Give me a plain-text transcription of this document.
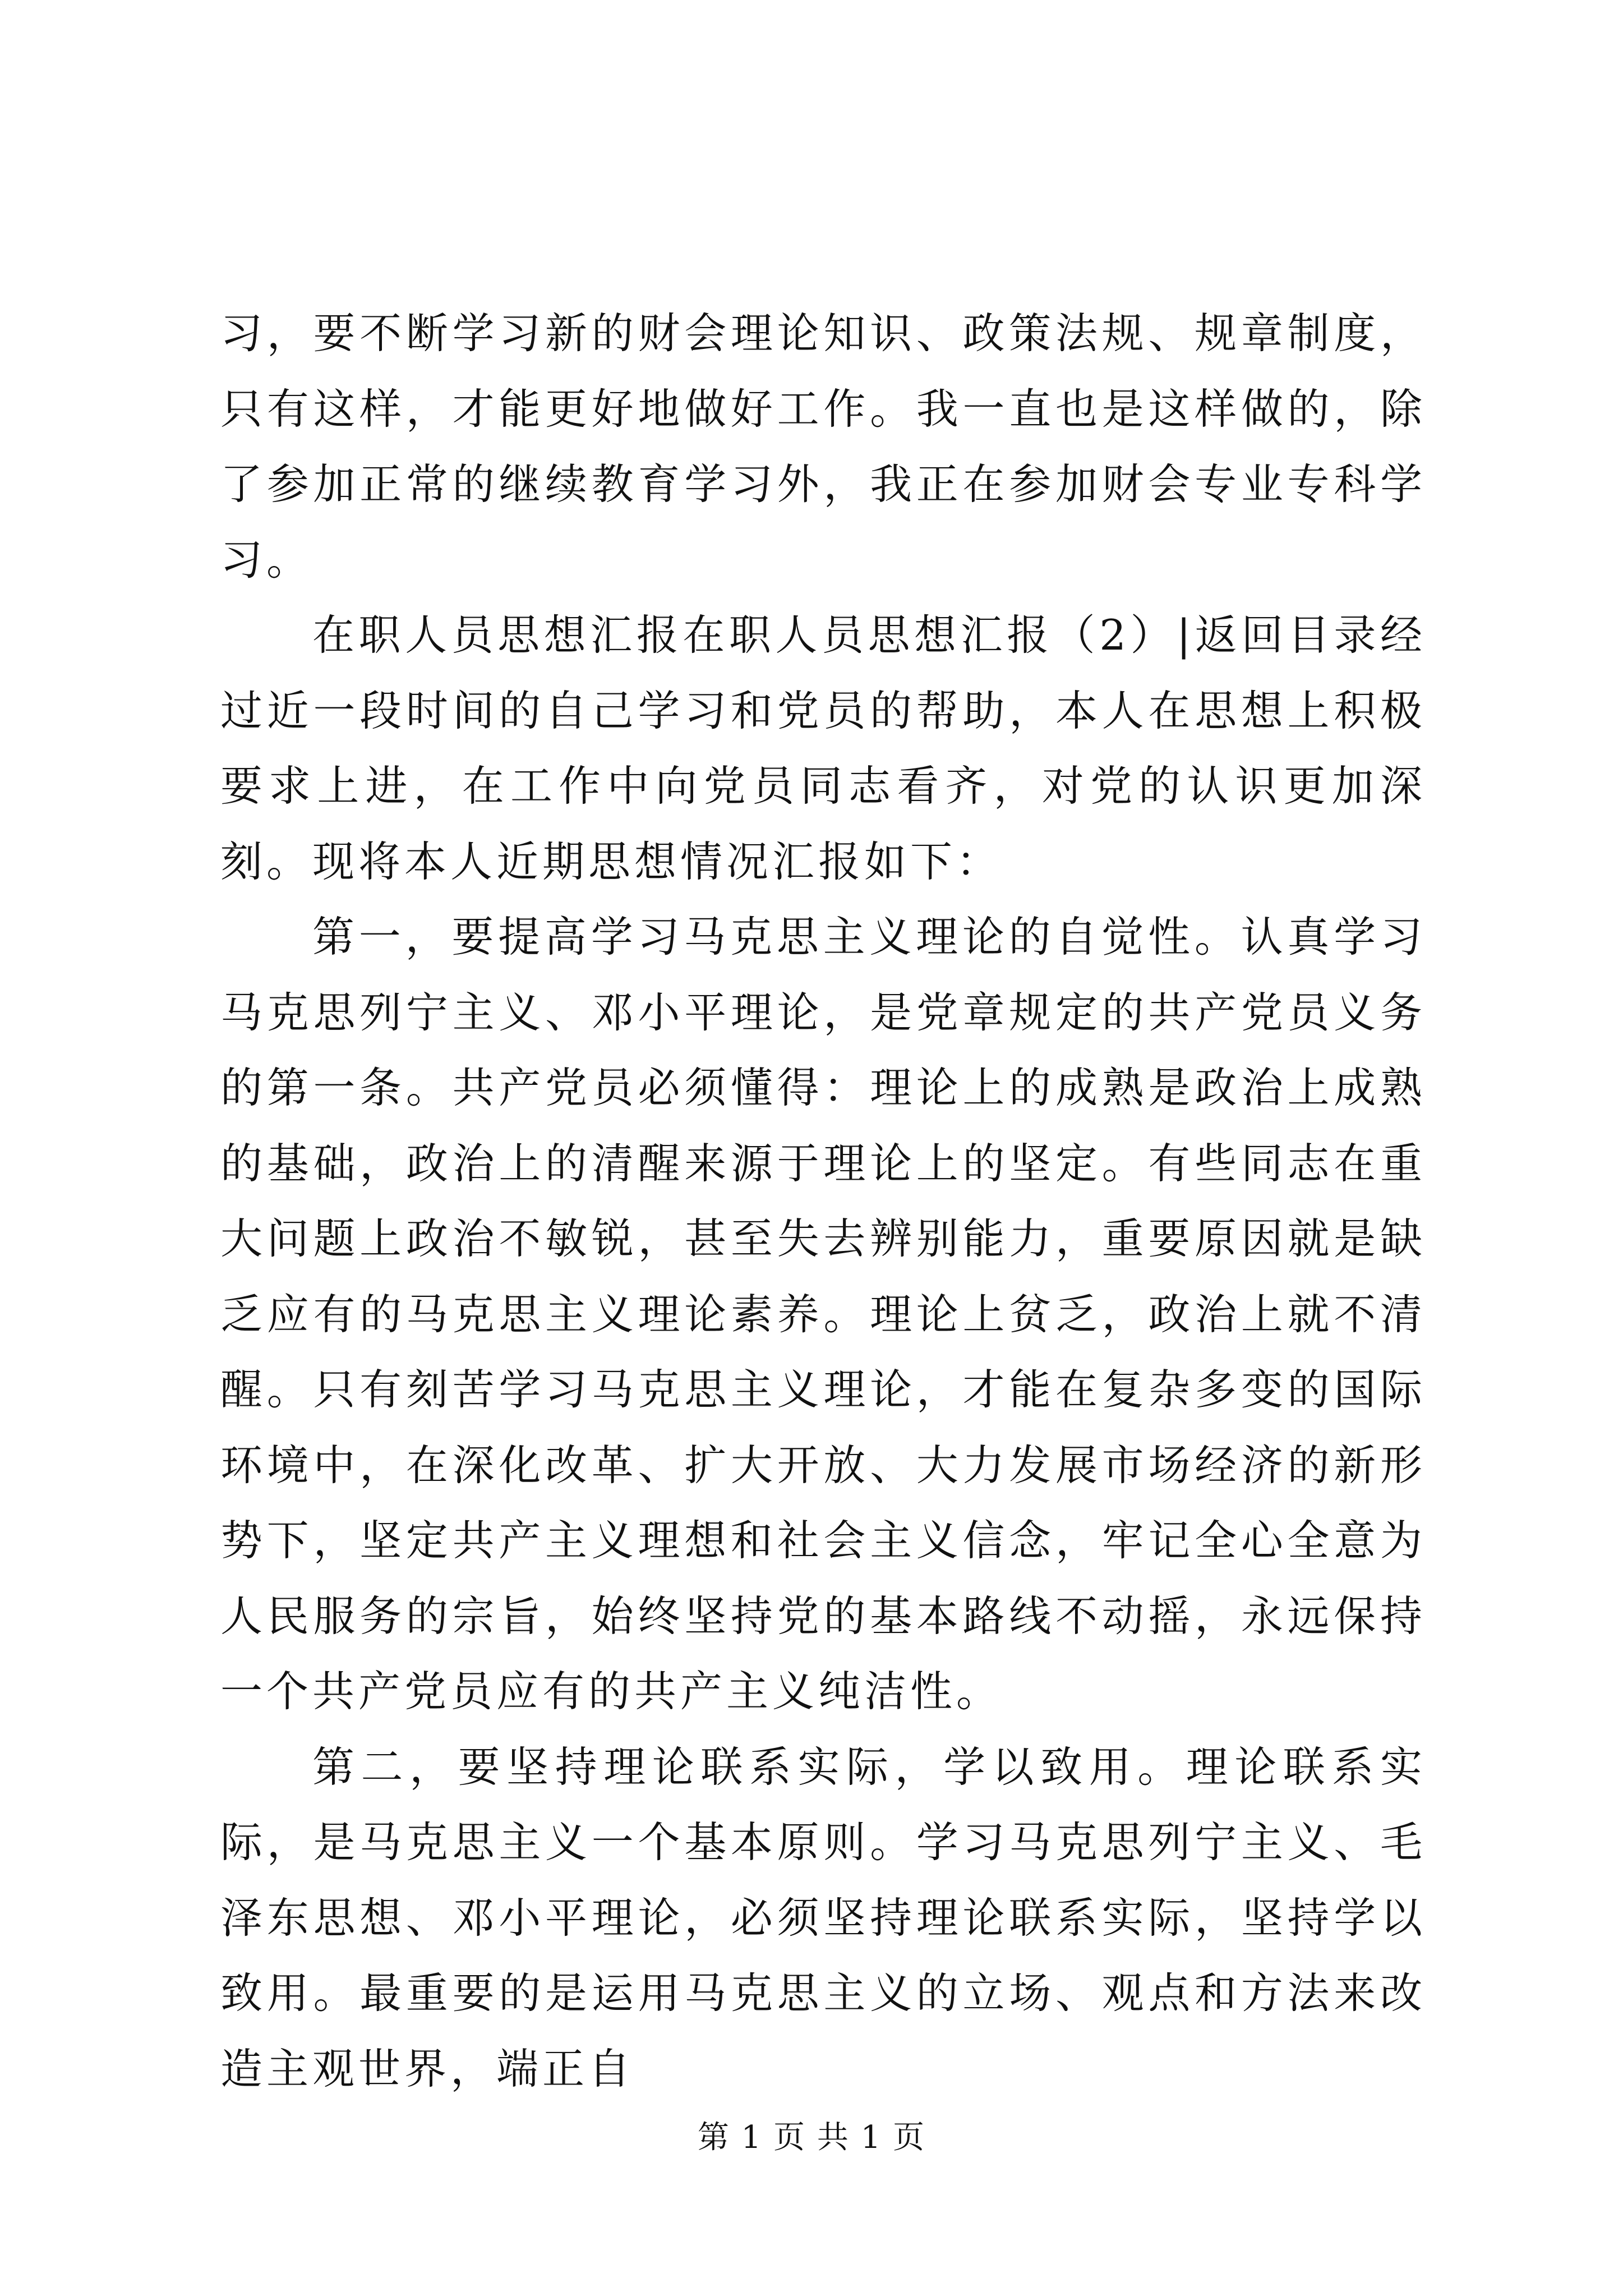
习，要不断学习新的财会理论知识、政策法规、规章制度，只有这样，才能更好地做好工作。我一直也是这样做的，除了参加正常的继续教育学习外，我正在参加财会专业专科学习。

在职人员思想汇报在职人员思想汇报（2）|返回目录经过近一段时间的自己学习和党员的帮助，本人在思想上积极要求上进，在工作中向党员同志看齐，对党的认识更加深刻。现将本人近期思想情况汇报如下：

第一，要提高学习马克思主义理论的自觉性。认真学习马克思列宁主义、邓小平理论，是党章规定的共产党员义务的第一条。共产党员必须懂得：理论上的成熟是政治上成熟的基础，政治上的清醒来源于理论上的坚定。有些同志在重大问题上政治不敏锐，甚至失去辨别能力，重要原因就是缺乏应有的马克思主义理论素养。理论上贫乏，政治上就不清醒。只有刻苦学习马克思主义理论，才能在复杂多变的国际环境中，在深化改革、扩大开放、大力发展市场经济的新形势下，坚定共产主义理想和社会主义信念，牢记全心全意为人民服务的宗旨，始终坚持党的基本路线不动摇，永远保持一个共产党员应有的共产主义纯洁性。

第二，要坚持理论联系实际，学以致用。理论联系实际，是马克思主义一个基本原则。学习马克思列宁主义、毛泽东思想、邓小平理论，必须坚持理论联系实际，坚持学以致用。最重要的是运用马克思主义的立场、观点和方法来改造主观世界，端正自

第 1 页 共 1 页
